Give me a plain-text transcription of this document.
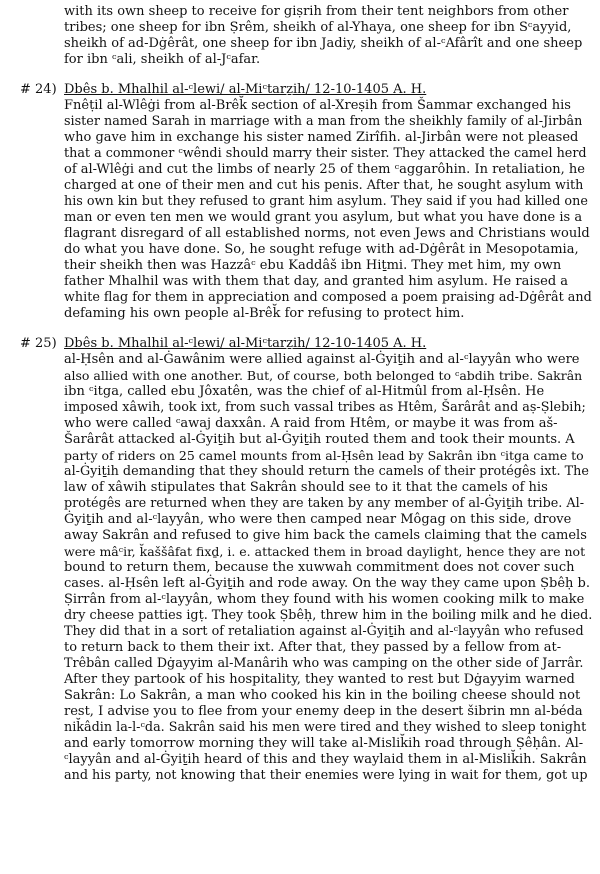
with its own sheep to receive for giṣrih from their tent neighbors from other
tribes; one sheep for ibn Ṣrêm, sheikh of al-Yhaya, one sheep for ibn Sᶜayyid,
sheikh of ad-Dġêrât, one sheep for ibn Jadiy, sheikh of al-ᶜAfârît and one sheep
for ibn ᶜali, sheikh of al-Jᶜafar.
# 24) Dbês b. Mhalhil al-ᶜlewi/ al-Miᶜtarẕih/ 12-10-1405 A. H.
Fnêṭil al-Wlêġi from al-Brêk̆ section of al-Xreṣih from Šammar exchanged his
sister named Sarah in marriage with a man from the sheikhly family of al-Jirbân
who gave him in exchange his sister named Zirîfih. al-Jirbân were not pleased
that a commoner ᶜwêndi should marry their sister. They attacked the camel herd
of al-Wlêġi and cut the limbs of nearly 25 of them ᶜaggarôhin. In retaliation, he
charged at one of their men and cut his penis. After that, he sought asylum with
his own kin but they refused to grant him asylum. They said if you had killed one
man or even ten men we would grant you asylum, but what you have done is a
flagrant disregard of all established norms, not even Jews and Christians would
do what you have done. So, he sought refuge with ad-Dġêrât in Mesopotamia,
their sheikh then was Hazzâᶜ ebu Kaddâš ibn Hiṯmi. They met him, my own
father Mhalhil was with them that day, and granted him asylum. He raised a
white flag for them in appreciation and composed a poem praising ad-Dġêrât and
defaming his own people al-Brêk̆ for refusing to protect him.
# 25) Dbês b. Mhalhil al-ᶜlewi/ al-Miᶜtarẕih/ 12-10-1405 A. H.
al-Ḥsên and al-Ġawânim were allied against al-Ġyiṯih and al-ᶜlayyân who were
also allied with one another. But, of course, both belonged to ᶜabdih tribe. Sakrân
ibn ᶜitga, called ebu Jôxatên, was the chief of al-Hitmûl from al-Ḥsên. He
imposed xâwih, took ixt, from such vassal tribes as Htêm, Šarârât and aṣ-Ṣlebih;
who were called ᶜawaj daxxân. A raid from Htêm, or maybe it was from aš-
Šarârât attacked al-Ġyiṯih but al-Ġyiṯih routed them and took their mounts. A
party of riders on 25 camel mounts from al-Ḥsên lead by Sakrân ibn ᶜitga came to
al-Ġyiṯih demanding that they should return the camels of their protégês ixt. The
law of xâwih stipulates that Sakrân should see to it that the camels of his
protégês are returned when they are taken by any member of al-Ġyiṯih tribe. Al-
Ġyiṯih and al-ᶜlayyân, who were then camped near Môgag on this side, drove
away Sakrân and refused to give him back the camels claiming that the camels
were mâᶜir, k̆aššâfat fixḏ, i. e. attacked them in broad daylight, hence they are not
bound to return them, because the xuwwah commitment does not cover such
cases. al-Ḥsên left al-Ġyiṯih and rode away. On the way they came upon Ṣbêḥ b.
Ṣirrân from al-ᶜlayyân, whom they found with his women cooking milk to make
dry cheese patties igṭ. They took Ṣbêḥ, threw him in the boiling milk and he died.
They did that in a sort of retaliation against al-Ġyiṯih and al-ᶜlayyân who refused
to return back to them their ixt. After that, they passed by a fellow from at-
Trêbân called Dġayyim al-Manârih who was camping on the other side of Jarrâr.
After they partook of his hospitality, they wanted to rest but Dġayyim warned
Sakrân: Lo Sakrân, a man who cooked his kin in the boiling cheese should not
rest, I advise you to flee from your enemy deep in the desert šibrin mn al-béda
nik̆âdin la-l-ᶜda. Sakrân said his men were tired and they wished to sleep tonight
and early tomorrow morning they will take al-Mislik̆ih road through Ṣêḥân. Al-
ᶜlayyân and al-Ġyiṯih heard of this and they waylaid them in al-Mislik̆ih. Sakrân
and his party, not knowing that their enemies were lying in wait for them, got up
